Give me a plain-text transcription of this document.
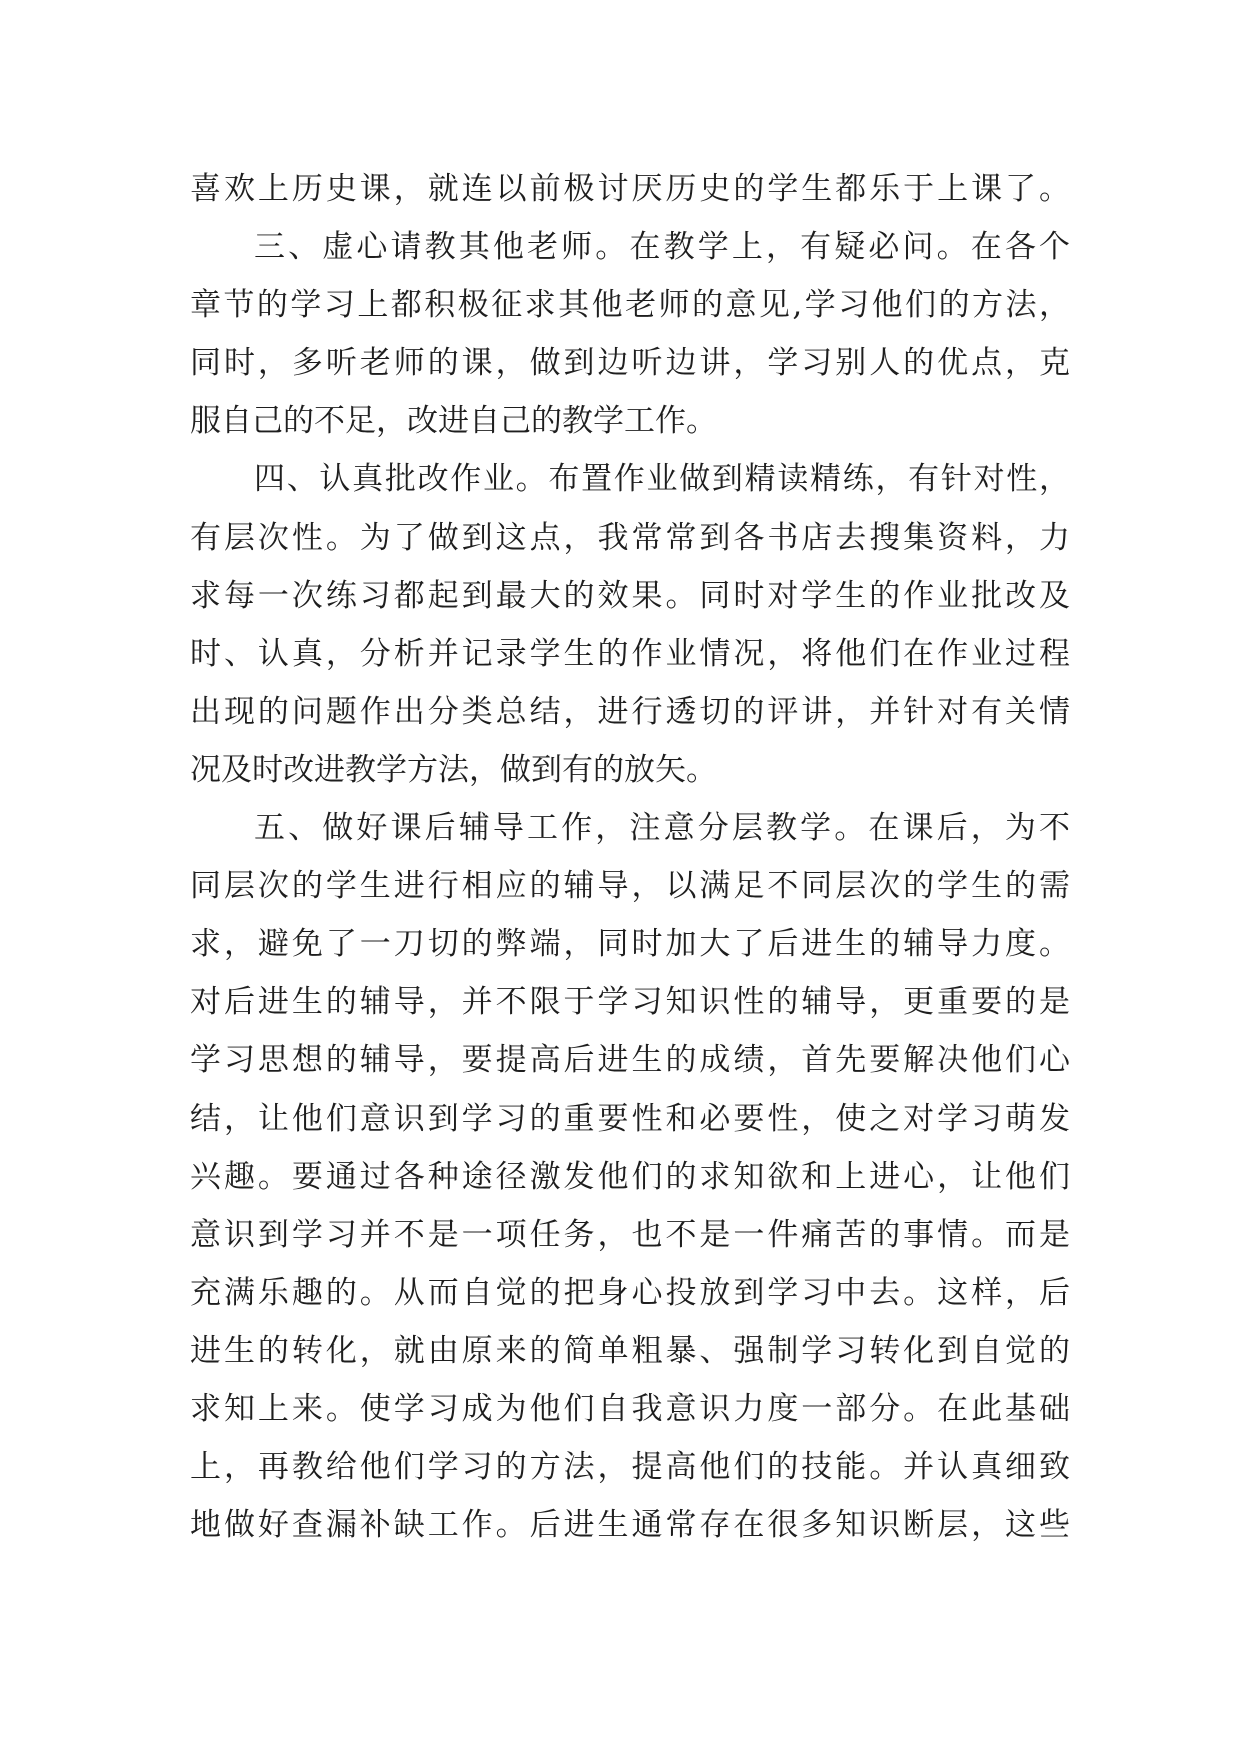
喜欢上历史课，就连以前极讨厌历史的学生都乐于上课了。
三、虚心请教其他老师。在教学上，有疑必问。在各个
章节的学习上都积极征求其他老师的意见,学习他们的方法，
同时，多听老师的课，做到边听边讲，学习别人的优点，克
服自己的不足，改进自己的教学工作。
四、认真批改作业。布置作业做到精读精练，有针对性，
有层次性。为了做到这点，我常常到各书店去搜集资料，力
求每一次练习都起到最大的效果。同时对学生的作业批改及
时、认真，分析并记录学生的作业情况，将他们在作业过程
出现的问题作出分类总结，进行透切的评讲，并针对有关情
况及时改进教学方法，做到有的放矢。
五、做好课后辅导工作，注意分层教学。在课后，为不
同层次的学生进行相应的辅导，以满足不同层次的学生的需
求，避免了一刀切的弊端，同时加大了后进生的辅导力度。
对后进生的辅导，并不限于学习知识性的辅导，更重要的是
学习思想的辅导，要提高后进生的成绩，首先要解决他们心
结，让他们意识到学习的重要性和必要性，使之对学习萌发
兴趣。要通过各种途径激发他们的求知欲和上进心，让他们
意识到学习并不是一项任务，也不是一件痛苦的事情。而是
充满乐趣的。从而自觉的把身心投放到学习中去。这样，后
进生的转化，就由原来的简单粗暴、强制学习转化到自觉的
求知上来。使学习成为他们自我意识力度一部分。在此基础
上，再教给他们学习的方法，提高他们的技能。并认真细致
地做好查漏补缺工作。后进生通常存在很多知识断层，这些
